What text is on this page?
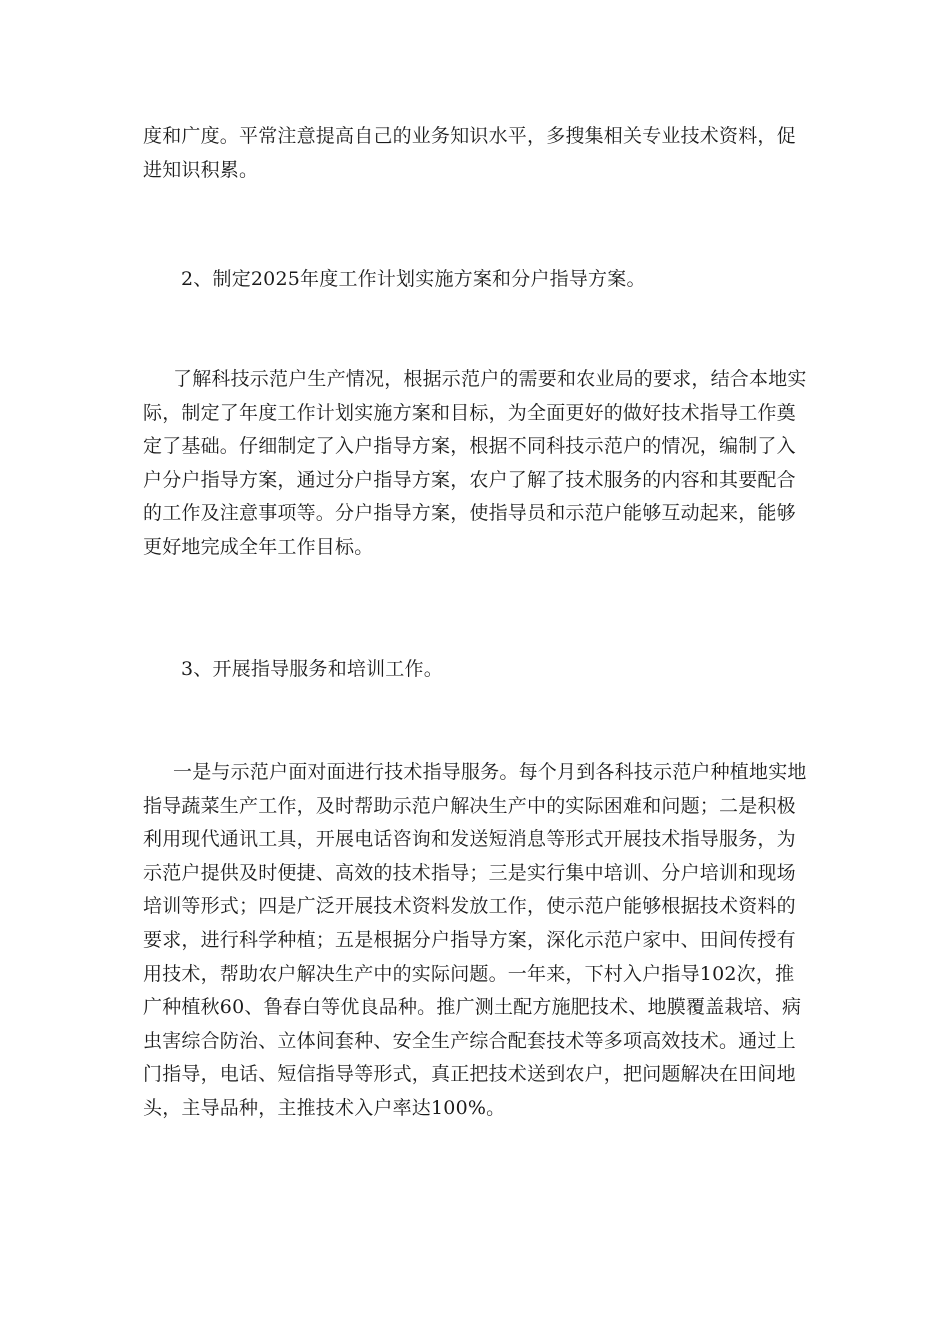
度和广度。平常注意提高自己的业务知识水平，多搜集相关专业技术资料，促
进知识积累。
2、制定2025年度工作计划实施方案和分户指导方案。
了解科技示范户生产情况，根据示范户的需要和农业局的要求，结合本地实
际，制定了年度工作计划实施方案和目标，为全面更好的做好技术指导工作奠
定了基础。仔细制定了入户指导方案，根据不同科技示范户的情况，编制了入
户分户指导方案，通过分户指导方案，农户了解了技术服务的内容和其要配合
的工作及注意事项等。分户指导方案，使指导员和示范户能够互动起来，能够
更好地完成全年工作目标。
3、开展指导服务和培训工作。
一是与示范户面对面进行技术指导服务。每个月到各科技示范户种植地实地
指导蔬菜生产工作，及时帮助示范户解决生产中的实际困难和问题；二是积极
利用现代通讯工具，开展电话咨询和发送短消息等形式开展技术指导服务，为
示范户提供及时便捷、高效的技术指导；三是实行集中培训、分户培训和现场
培训等形式；四是广泛开展技术资料发放工作，使示范户能够根据技术资料的
要求，进行科学种植；五是根据分户指导方案，深化示范户家中、田间传授有
用技术，帮助农户解决生产中的实际问题。一年来，下村入户指导102次，推
广种植秋60、鲁春白等优良品种。推广测土配方施肥技术、地膜覆盖栽培、病
虫害综合防治、立体间套种、安全生产综合配套技术等多项高效技术。通过上
门指导，电话、短信指导等形式，真正把技术送到农户，把问题解决在田间地
头，主导品种，主推技术入户率达100%。
